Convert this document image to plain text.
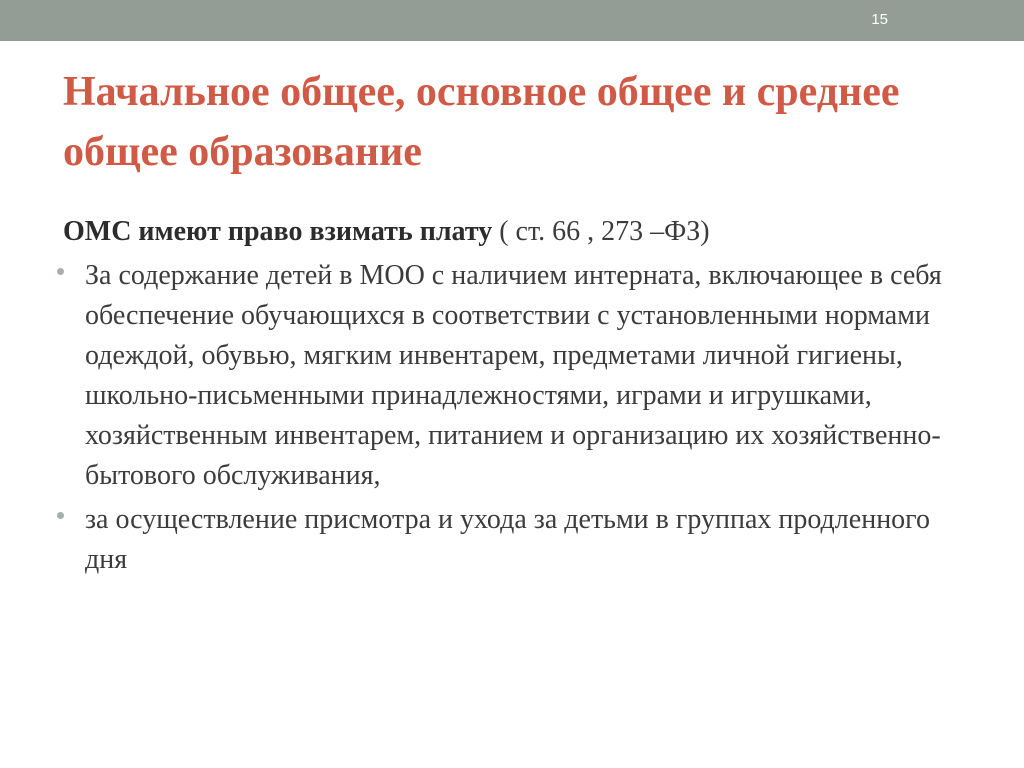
15
Начальное общее, основное общее и среднее общее образование

ОМС имеют право взимать плату ( ст. 66 , 273 –ФЗ)

За содержание детей в МОО с наличием интерната, включающее в себя обеспечение обучающихся в соответствии с установленными нормами одеждой, обувью, мягким инвентарем, предметами личной гигиены, школьно-письменными принадлежностями, играми и игрушками, хозяйственным инвентарем, питанием и организацию их хозяйственно-бытового обслуживания,
за осуществление присмотра и ухода за детьми в группах продленного дня
